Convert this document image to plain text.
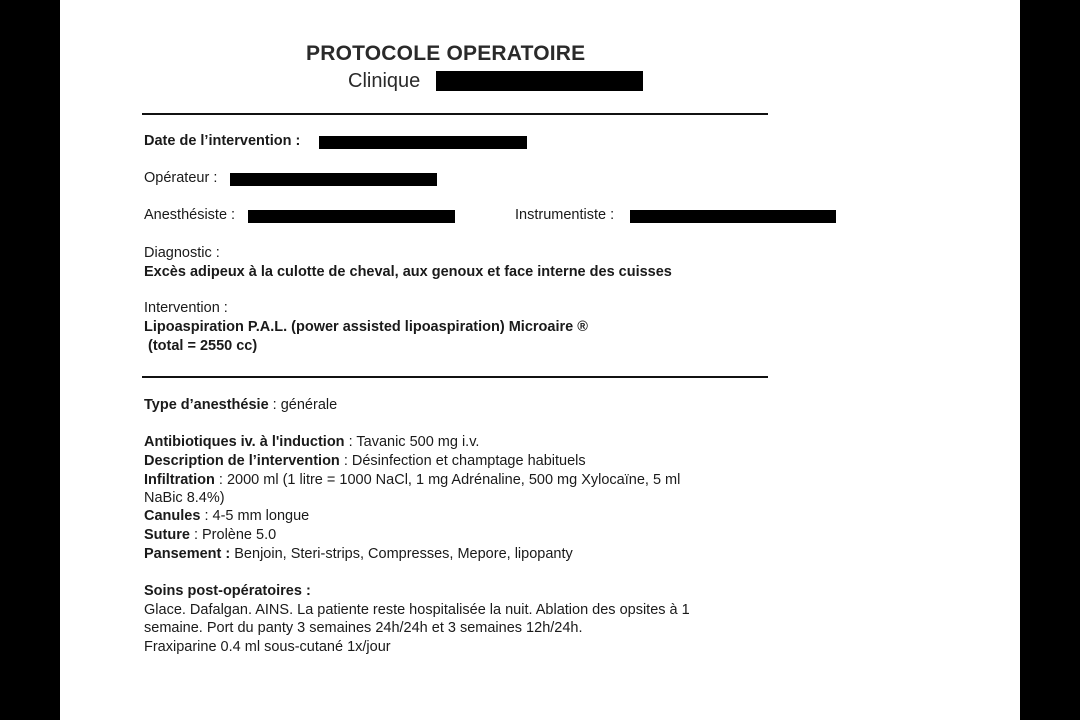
PROTOCOLE OPERATOIRE
Clinique
Date de l’intervention :
Opérateur :
Anesthésiste :	Instrumentiste :
Diagnostic :
Excès adipeux à la culotte de cheval, aux genoux et face interne des cuisses
Intervention :
Lipoaspiration P.A.L. (power assisted lipoaspiration) Microaire ®
(total = 2550 cc)
Type d’anesthésie : générale
Antibiotiques iv. à l'induction : Tavanic 500 mg i.v.
Description de l’intervention : Désinfection et champtage habituels
Infiltration : 2000 ml (1 litre = 1000 NaCl, 1 mg Adrénaline, 500 mg Xylocaïne, 5 ml
NaBic 8.4%)
Canules : 4-5 mm longue
Suture : Prolène 5.0
Pansement : Benjoin, Steri-strips, Compresses, Mepore, lipopanty
Soins post-opératoires :
Glace. Dafalgan. AINS. La patiente reste hospitalisée la nuit. Ablation des opsites à 1
semaine. Port du panty 3 semaines 24h/24h et 3 semaines 12h/24h.
Fraxiparine 0.4 ml sous-cutané 1x/jour
